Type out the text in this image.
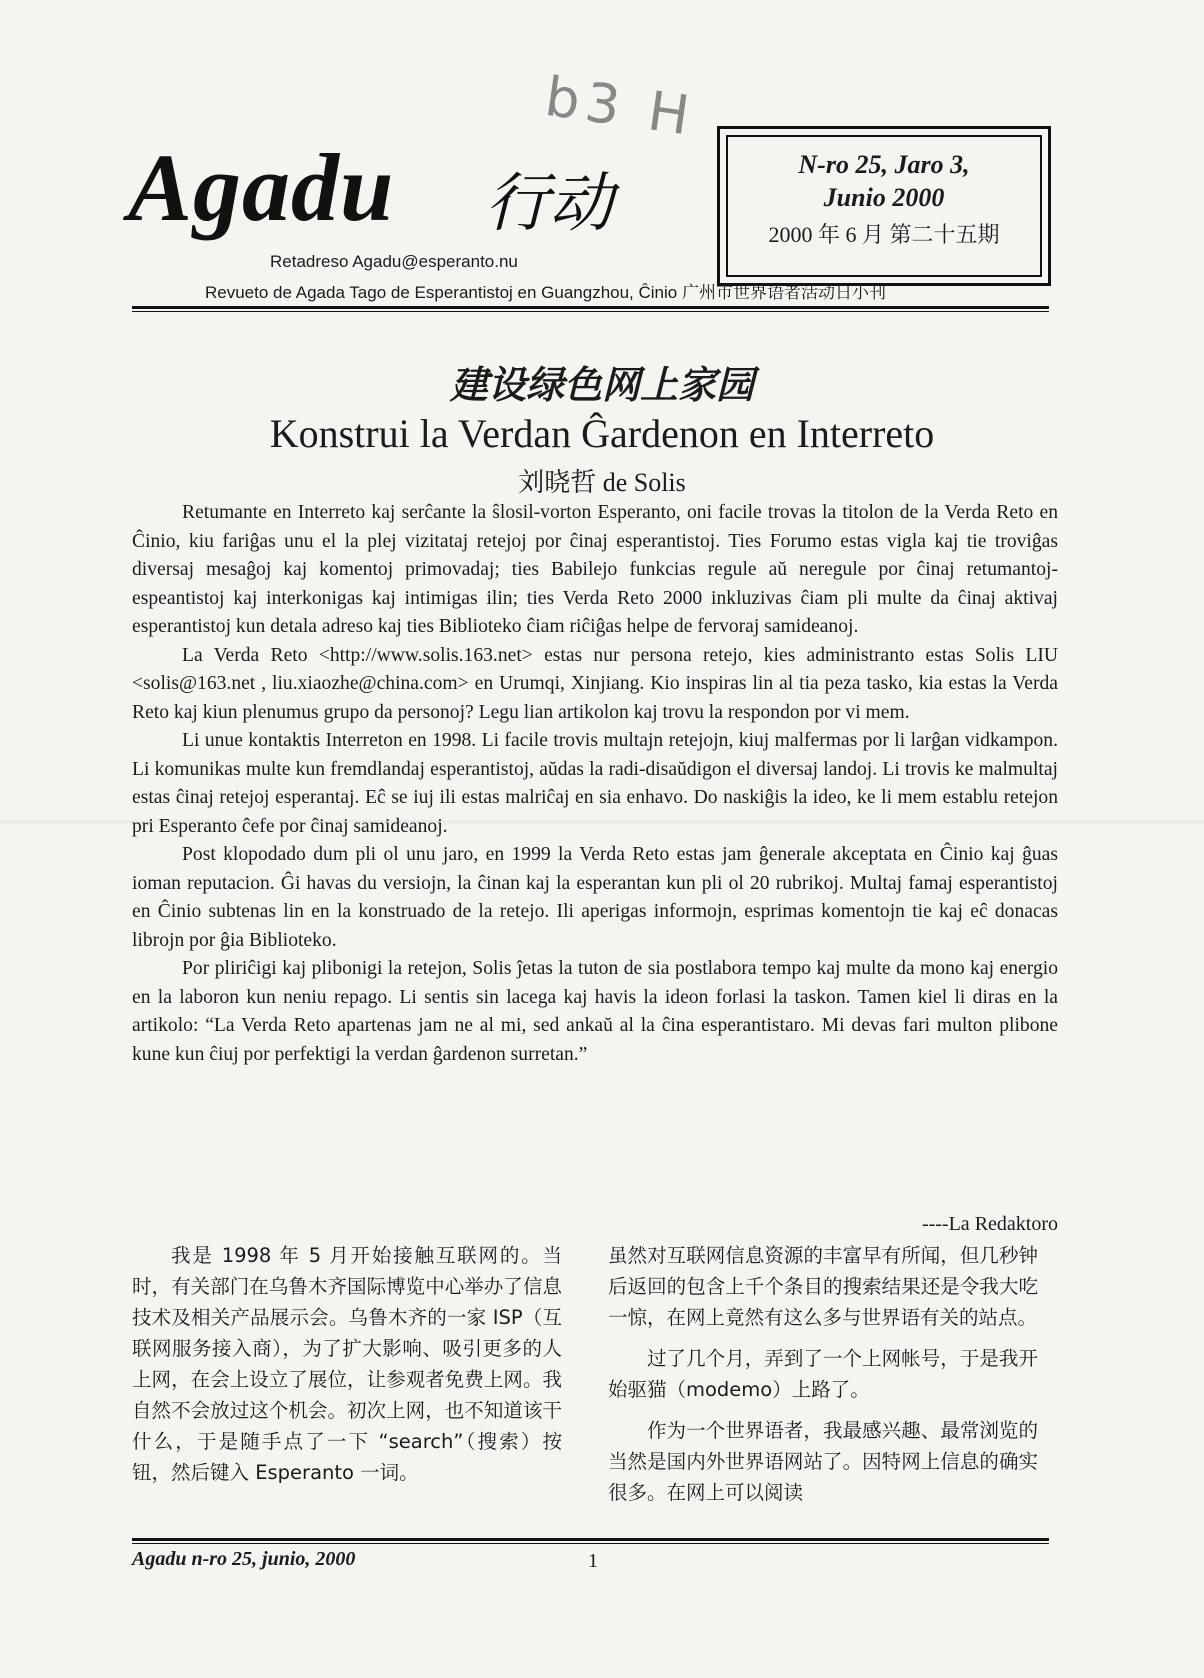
Agadu 行动
b3 H
N-ro 25, Jaro 3,
Junio 2000
2000 年 6 月 第二十五期
Retadreso Agadu@esperanto.nu
Revueto de Agada Tago de Esperantistoj en Guangzhou, Ĉinio 广州市世界语者活动日小刊
建设绿色网上家园
Konstrui la Verdan Ĝardenon en Interreto
刘晓哲 de Solis

Retumante en Interreto kaj serĉante la ŝlosil-vorton Esperanto, oni facile trovas la titolon de la Verda Reto en Ĉinio, kiu fariĝas unu el la plej vizitataj retejoj por ĉinaj esperantistoj. Ties Forumo estas vigla kaj tie troviĝas diversaj mesaĝoj kaj komentoj primovadaj; ties Babilejo funkcias regule aŭ neregule por ĉinaj retumantoj-espeantistoj kaj interkonigas kaj intimigas ilin; ties Verda Reto 2000 inkluzivas ĉiam pli multe da ĉinaj aktivaj esperantistoj kun detala adreso kaj ties Biblioteko ĉiam riĉiĝas helpe de fervoraj samideanoj.

La Verda Reto <http://www.solis.163.net> estas nur persona retejo, kies administranto estas Solis LIU <solis@163.net , liu.xiaozhe@china.com> en Urumqi, Xinjiang. Kio inspiras lin al tia peza tasko, kia estas la Verda Reto kaj kiun plenumus grupo da personoj? Legu lian artikolon kaj trovu la respondon por vi mem.

Li unue kontaktis Interreton en 1998. Li facile trovis multajn retejojn, kiuj malfermas por li larĝan vidkampon. Li komunikas multe kun fremdlandaj esperantistoj, aŭdas la radi-disaŭdigon el diversaj landoj. Li trovis ke malmultaj estas ĉinaj retejoj esperantaj. Eĉ se iuj ili estas malriĉaj en sia enhavo. Do naskiĝis la ideo, ke li mem establu retejon pri Esperanto ĉefe por ĉinaj samideanoj.

Post klopodado dum pli ol unu jaro, en 1999 la Verda Reto estas jam ĝenerale akceptata en Ĉinio kaj ĝuas ioman reputacion. Ĝi havas du versiojn, la ĉinan kaj la esperantan kun pli ol 20 rubrikoj. Multaj famaj esperantistoj en Ĉinio subtenas lin en la konstruado de la retejo. Ili aperigas informojn, esprimas komentojn tie kaj eĉ donacas librojn por ĝia Biblioteko.

Por pliriĉigi kaj plibonigi la retejon, Solis ĵetas la tuton de sia postlabora tempo kaj multe da mono kaj energio en la laboron kun neniu repago. Li sentis sin lacega kaj havis la ideon forlasi la taskon. Tamen kiel li diras en la artikolo: “La Verda Reto apartenas jam ne al mi, sed ankaŭ al la ĉina esperantistaro. Mi devas fari multon plibone kune kun ĉiuj por perfektigi la verdan ĝardenon surretan.”

----La Redaktoro

我是 1998 年 5 月开始接触互联网的。当时，有关部门在乌鲁木齐国际博览中心举办了信息技术及相关产品展示会。乌鲁木齐的一家 ISP（互联网服务接入商），为了扩大影响、吸引更多的人上网，在会上设立了展位，让参观者免费上网。我自然不会放过这个机会。初次上网，也不知道该干什么，于是随手点了一下 “search”（搜索）按钮，然后键入 Esperanto 一词。

虽然对互联网信息资源的丰富早有所闻，但几秒钟后返回的包含上千个条目的搜索结果还是令我大吃一惊，在网上竟然有这么多与世界语有关的站点。

过了几个月，弄到了一个上网帐号，于是我开始驱猫（modemo）上路了。

作为一个世界语者，我最感兴趣、最常浏览的当然是国内外世界语网站了。因特网上信息的确实很多。在网上可以阅读

Agadu n-ro 25, junio, 2000	1
